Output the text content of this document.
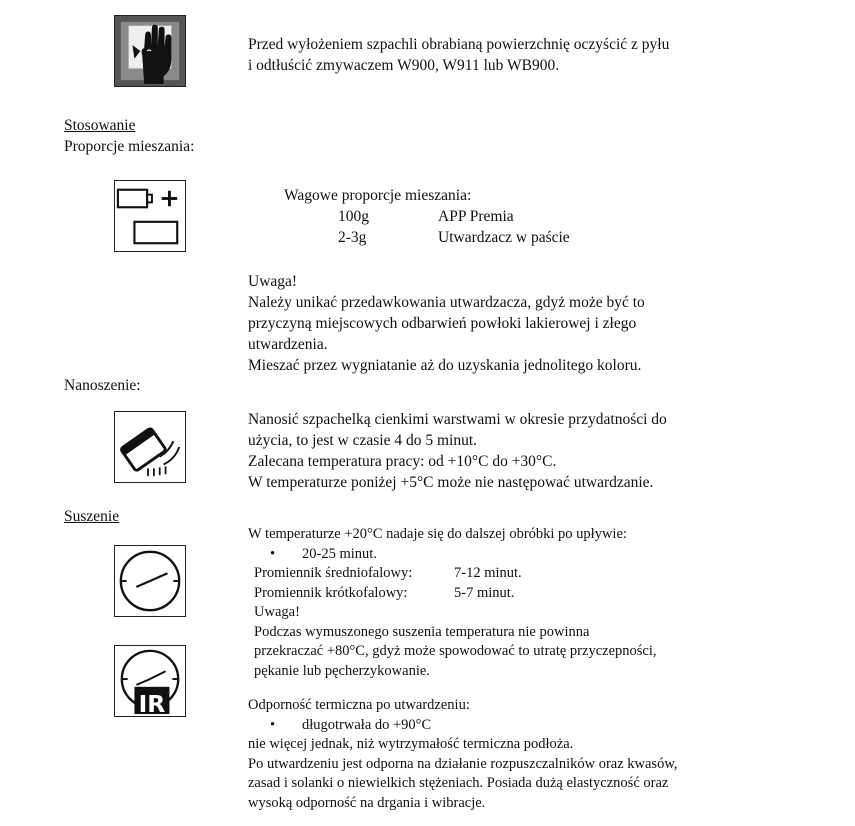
Przed wyłożeniem szpachli obrabianą powierzchnię oczyścić z pyłu
i odtłuścić zmywaczem W900, W911 lub WB900.
Stosowanie
Proporcje mieszania:
Wagowe proporcje mieszania:
100g	APP Premia
2-3g	Utwardzacz w paście
Uwaga!
Należy unikać przedawkowania utwardzacza, gdyż może być to
przyczyną miejscowych odbarwień powłoki lakierowej i złego
utwardzenia.
Mieszać przez wygniatanie aż do uzyskania jednolitego koloru.
Nanoszenie:
Nanosić szpachelką cienkimi warstwami w okresie przydatności do
użycia, to jest w czasie 4 do 5 minut.
Zalecana temperatura pracy: od +10°C do +30°C.
W temperaturze poniżej +5°C może nie następować utwardzanie.
Suszenie
IR
W temperaturze +20°C nadaje się do dalszej obróbki po upływie:
• 20-25 minut.
Promiennik średniofalowy:	7-12 minut.
Promiennik krótkofalowy:	5-7 minut.
Uwaga!
Podczas wymuszonego suszenia temperatura nie powinna
przekraczać +80°C, gdyż może spowodować to utratę przyczepności,
pękanie lub pęcherzykowanie.
Odporność termiczna po utwardzeniu:
• długotrwała do +90°C
nie więcej jednak, niż wytrzymałość termiczna podłoża.
Po utwardzeniu jest odporna na działanie rozpuszczalników oraz kwasów,
zasad i solanki o niewielkich stężeniach. Posiada dużą elastyczność oraz
wysoką odporność na drgania i wibracje.
